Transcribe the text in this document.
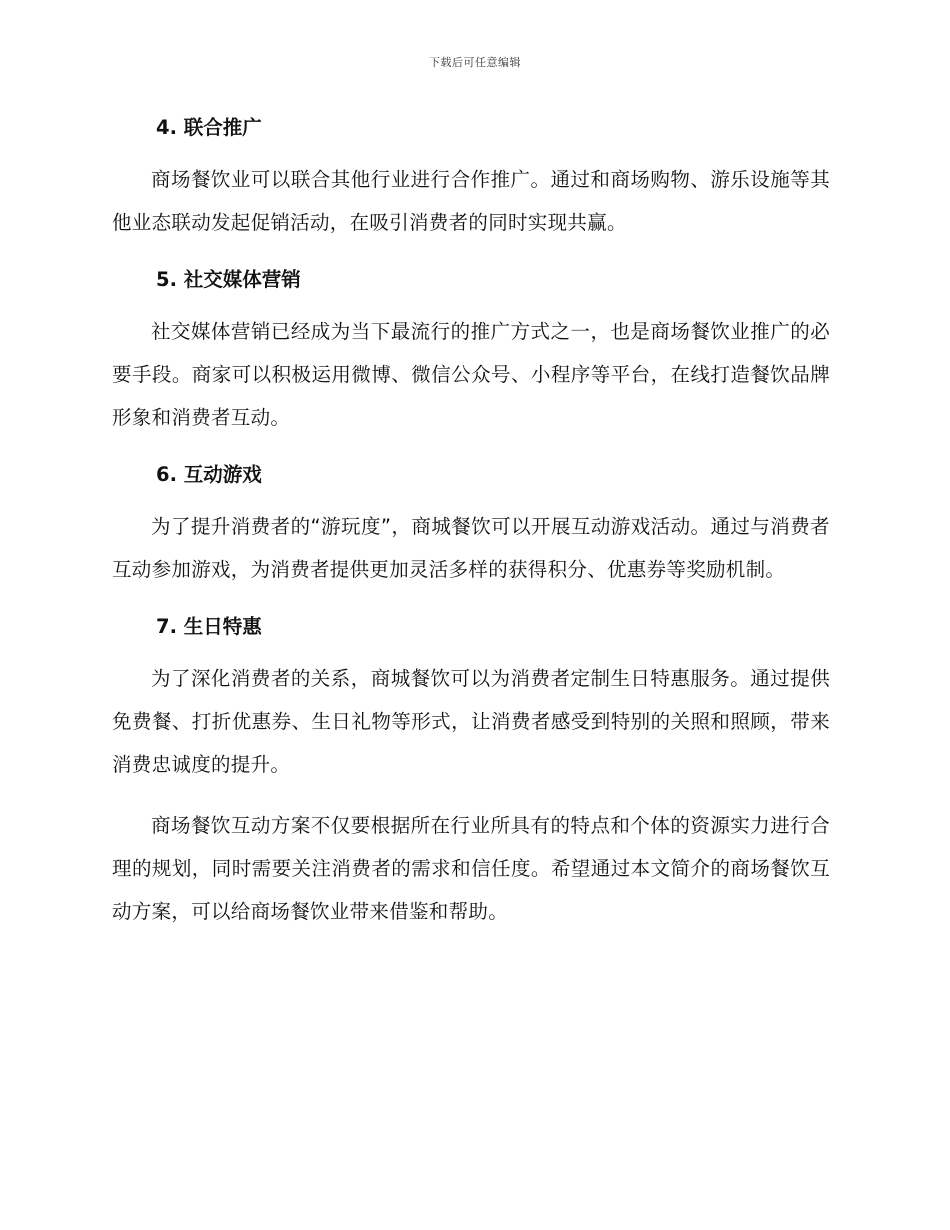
下载后可任意编辑
4. 联合推广

商场餐饮业可以联合其他行业进行合作推广。通过和商场购物、游乐设施等其他业态联动发起促销活动，在吸引消费者的同时实现共赢。

5. 社交媒体营销

社交媒体营销已经成为当下最流行的推广方式之一，也是商场餐饮业推广的必要手段。商家可以积极运用微博、微信公众号、小程序等平台，在线打造餐饮品牌形象和消费者互动。

6. 互动游戏

为了提升消费者的“游玩度”，商城餐饮可以开展互动游戏活动。通过与消费者互动参加游戏，为消费者提供更加灵活多样的获得积分、优惠券等奖励机制。

7. 生日特惠

为了深化消费者的关系，商城餐饮可以为消费者定制生日特惠服务。通过提供免费餐、打折优惠券、生日礼物等形式，让消费者感受到特别的关照和照顾，带来消费忠诚度的提升。

商场餐饮互动方案不仅要根据所在行业所具有的特点和个体的资源实力进行合理的规划，同时需要关注消费者的需求和信任度。希望通过本文简介的商场餐饮互动方案，可以给商场餐饮业带来借鉴和帮助。
